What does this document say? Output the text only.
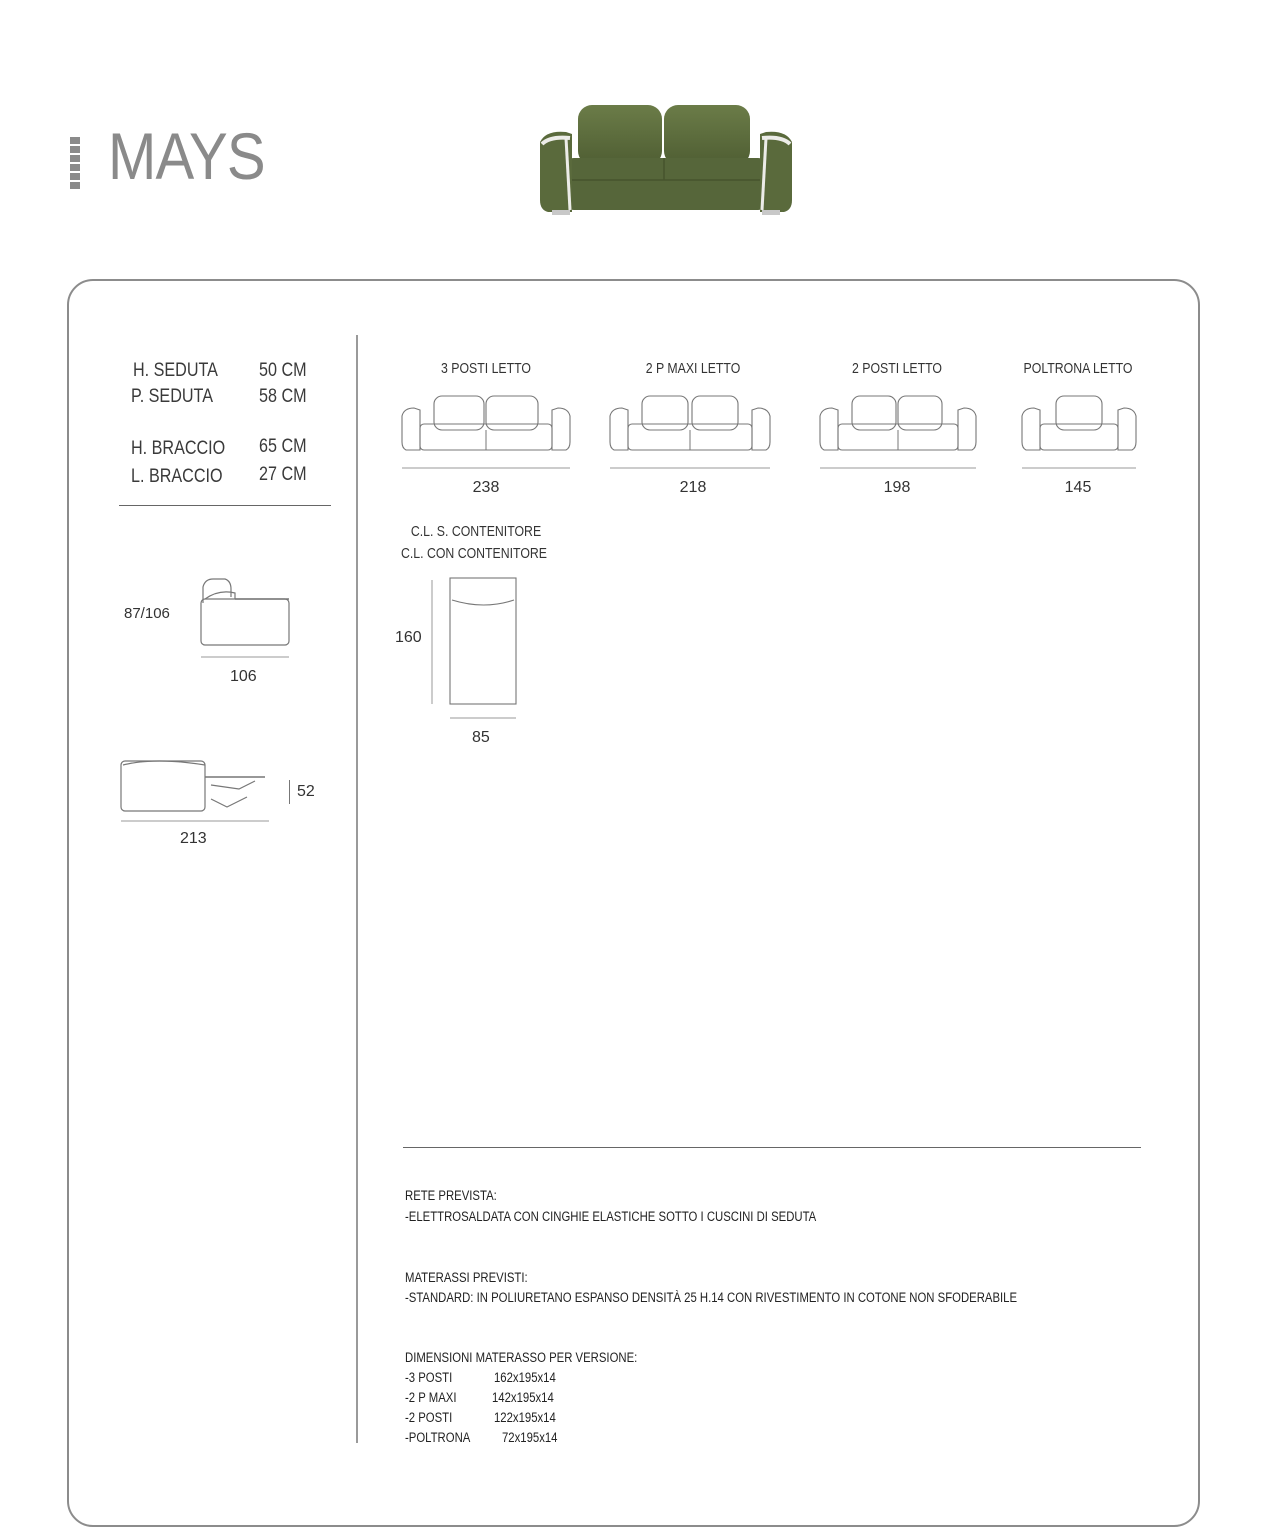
MAYS
H. SEDUTA 50 CM
P. SEDUTA 58 CM
H. BRACCIO 65 CM
L. BRACCIO 27 CM
87/106
106
52
213
3 POSTI LETTO	2 P MAXI LETTO	2 POSTI LETTO	POLTRONA LETTO
238	218	198	145
C.L. S. CONTENITORE
C.L. CON CONTENITORE
160
85
RETE PREVISTA:
-ELETTROSALDATA CON CINGHIE ELASTICHE SOTTO I CUSCINI DI SEDUTA
MATERASSI PREVISTI:
-STANDARD: IN POLIURETANO ESPANSO DENSITÀ 25 H.14 CON RIVESTIMENTO IN COTONE NON SFODERABILE
DIMENSIONI MATERASSO PER VERSIONE:
-3 POSTI	162x195x14
-2 P MAXI	142x195x14
-2 POSTI	122x195x14
-POLTRONA 72x195x14
